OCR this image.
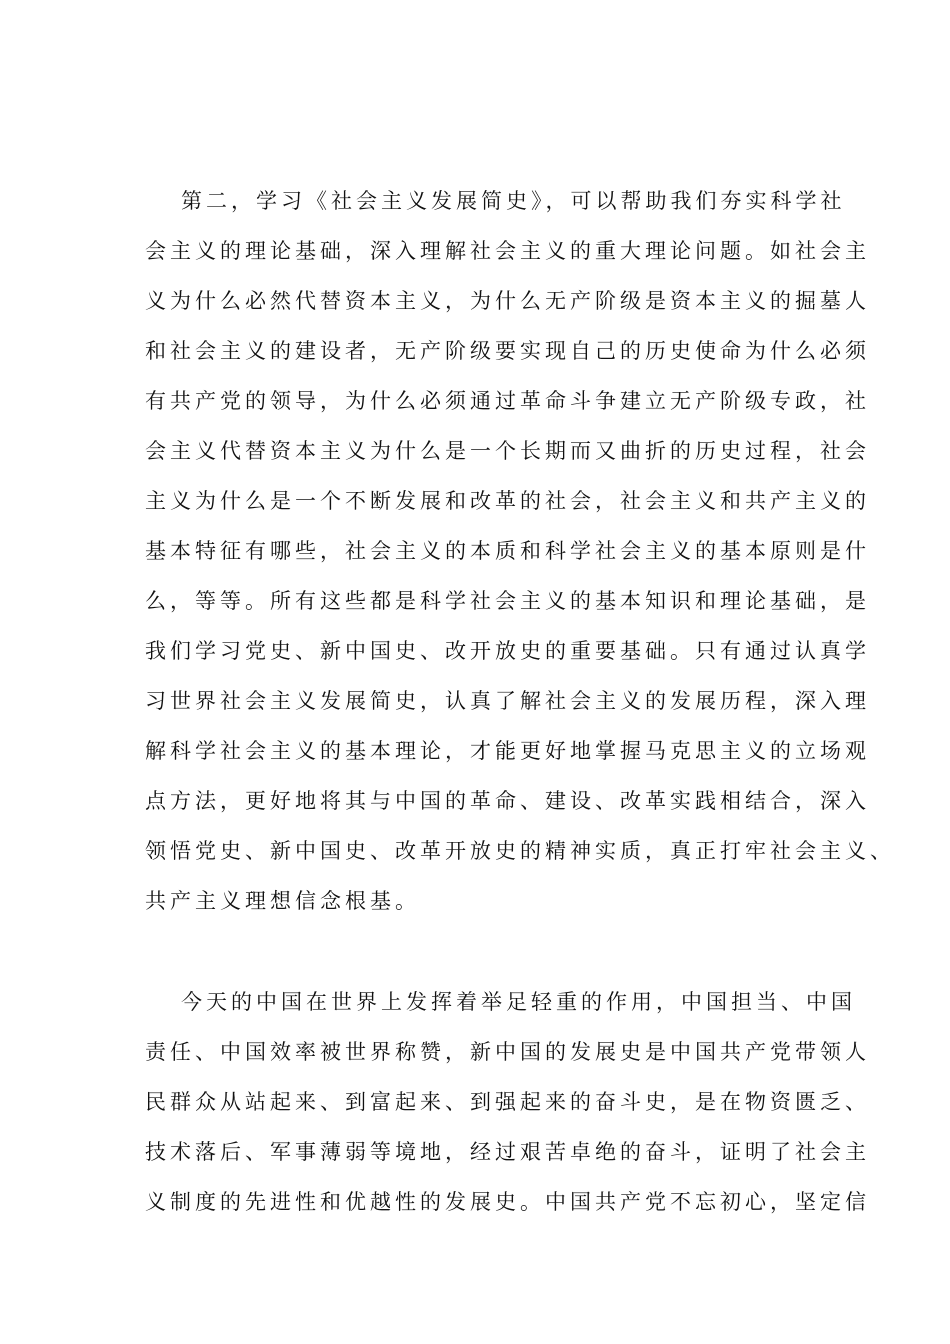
第二，学习《社会主义发展简史》，可以帮助我们夯实科学社
会主义的理论基础，深入理解社会主义的重大理论问题。如社会主
义为什么必然代替资本主义，为什么无产阶级是资本主义的掘墓人
和社会主义的建设者，无产阶级要实现自己的历史使命为什么必须
有共产党的领导，为什么必须通过革命斗争建立无产阶级专政，社
会主义代替资本主义为什么是一个长期而又曲折的历史过程，社会
主义为什么是一个不断发展和改革的社会，社会主义和共产主义的
基本特征有哪些，社会主义的本质和科学社会主义的基本原则是什
么，等等。所有这些都是科学社会主义的基本知识和理论基础，是
我们学习党史、新中国史、改开放史的重要基础。只有通过认真学
习世界社会主义发展简史，认真了解社会主义的发展历程，深入理
解科学社会主义的基本理论，才能更好地掌握马克思主义的立场观
点方法，更好地将其与中国的革命、建设、改革实践相结合，深入
领悟党史、新中国史、改革开放史的精神实质，真正打牢社会主义、
共产主义理想信念根基。
今天的中国在世界上发挥着举足轻重的作用，中国担当、中国
责任、中国效率被世界称赞，新中国的发展史是中国共产党带领人
民群众从站起来、到富起来、到强起来的奋斗史，是在物资匮乏、
技术落后、军事薄弱等境地，经过艰苦卓绝的奋斗，证明了社会主
义制度的先进性和优越性的发展史。中国共产党不忘初心，坚定信
